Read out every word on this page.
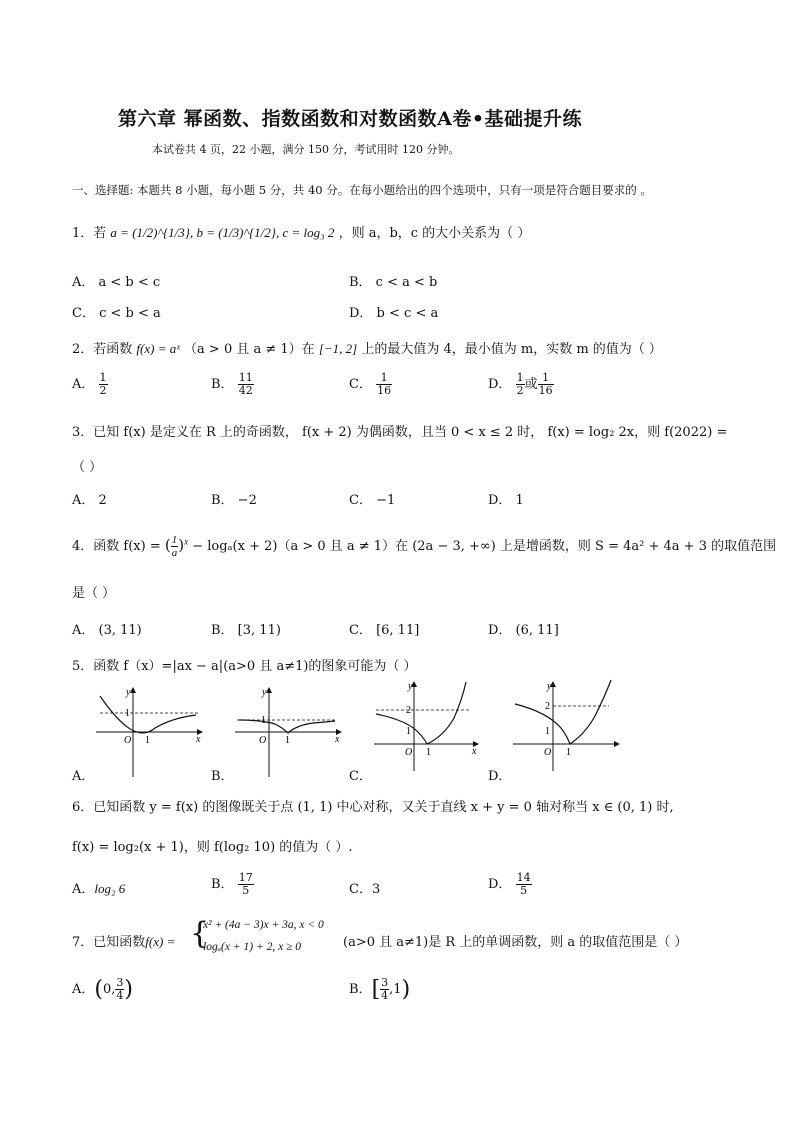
第六章 幂函数、指数函数和对数函数A卷•基础提升练
本试卷共 4 页，22 小题，满分 150 分，考试用时 120 分钟。
一、选择题: 本题共 8 小题，每小题 5 分，共 40 分。在每小题给出的四个选项中，只有一项是符合题目要求的 。
1．若 a = (1/2)^{1/3}, b = (1/3)^{1/2}, c = log₃ 2 ，则 a，b，c 的大小关系为（ ）
A． a < b < c	B． c < a < b
C． c < b < a	D． b < c < a
2．若函数 f(x) = aˣ （a > 0 且 a ≠ 1）在 [−1, 2] 上的最大值为 4，最小值为 m，实数 m 的值为（ ）
A． $\frac{1}{2}$	B． $\frac{11}{42}$	C． $\frac{1}{16}$	D． $\frac{1}{2}$ 或 $\frac{1}{16}$
3．已知 f(x) 是定义在 R 上的奇函数， f(x + 2) 为偶函数，且当 0 < x ≤ 2 时， f(x) = log₂ 2x，则 f(2022) =
（ ）
A． 2	B． −2	C． −1	D． 1
4．函数 f(x) = ( $\frac{1}{a} )^x - \log_a(x + 2)(a > 0$ 且 a ≠ 1）在 (2a − 3, +∞) 上是增函数，则 S = 4a² + 4a + 3 的取值范围
是（ ）
A． (3, 11)	B． [3, 11)	C． [6, 11]	D． (6, 11]
5．函数 f（x）=|ax − a|(a>0 且 a≠1)的图象可能为（ ）
y
x
O 1
1
A．
y
x
O 1
1
B．
y
x
O 1
2
1
C．
y
O 1
2
1
D．
6．已知函数 y = f(x) 的图像既关于点 (1, 1) 中心对称，又关于直线 x + y = 0 轴对称当 x ∈ (0, 1) 时,
f(x) = log₂(x + 1)，则 f(log₂ 10) 的值为（ ）.
A．log₂ 6	B． $\frac{17}{5}$	C．3	D． $\frac{14}{5}$
7．已知函数f(x) = {
x² + (4a − 3)x + 3a, x < 0
logₐ(x + 1) + 2, x ≥ 0	(a>0 且 a≠1)是 R 上的单调函数，则 a 的取值范围是（ ）
A．(0, $\frac{3}{4}$ )	B．[ $\frac{3}{4} ,1$)
